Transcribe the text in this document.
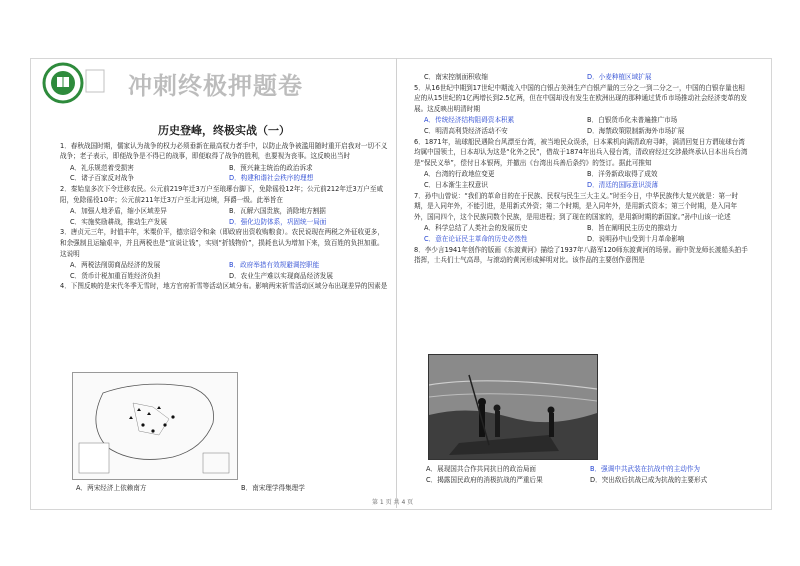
冲刺终极押题卷
历史登峰，终极实战（一）
1．春秋战国时期，儒家认为战争的权力必须垂新在最高权力者手中，以防止战争被滥用随时重开启我对一切不义战争；老子表示，即便战争是不得已的战事，即便取得了战争的胜利，也要视为丧事。这反映出当时
A．礼乐规范着受损害	B．预兴兼主统治的政治诉求
C．诸子百家反对战争	D．构建和谐社会秩序的理想
2．秦始皇多次下令迁移农民。公元前219年迁3万户至琅琊台脚下，免除徭役12年；公元前212年迁3万户至咸阳，免除徭役10年；公元前211年迁3万户至北河边境，拜爵一级。此举旨在
A．加强人地矛盾，缩小区域差异	B．瓦解六国贵族，消除地方割据
C．实施奖励耕战，推动生产发展	D．强化边防体系，巩固统一局面
3．唐贞元三年，时值丰年，米粟价平，德宗诏令和籴（即政府出资收购粮食）。农民说现在两税之外征收更多，和余强制且运输艰辛，并且两税也是“宣说让钱”，实则“折钱物价”，损耗也认为增加下来，致百姓的负担加重。这说明
A．两税法削弱商品经济的发展	B．政府举措有效规避调控职能
C．货币计税加重百姓经济负担	D．农业生产难以实现商品经济发展
4．下图反映的是宋代冬季无雪时，地方官府祈雪等活动区域分布。影响两宋祈雪活动区域分布出现差异的因素是
A．两宋经济上依赖南方	B．南宋理学得集理学
C．南宋控制面积收缩	D．小麦种植区域扩展
5．从16世纪中期到17世纪中期流入中国的白银占美洲生产白银产量的三分之一到二分之一，中国的白银存量也相应的从15世纪的1亿两增长到2.5亿两，但在中国却没有发生在欧洲出现的那种通过货币市场推动社会经济变革的发展。这反映出明清时期
A．传统经济结构阻碍资本积累	B．白银货币化未普遍推广市场
C．明清高利贷经济活动不安	D．海禁政策限制新海外市场扩展
6．1871年，琉球船民遇险台风漂至台湾，被当地民众误杀，日本乘机向满清政府寻衅，满清回复日方谓琉球台湾均属中国领土，日本却认为这是“化外之民”，借故于1874年出兵入侵台湾，清政府经过交涉最终承认日本出兵台湾是“保民义举”，偿付日本银两，并撤出《台湾出兵善后条约》的签订。据此可推知
A．台湾的行政地位变更	B．洋务新政取得了成效
C．日本渐生主权意识	D．清廷的国际意识淡薄
7．孙中山曾说：“我们的革命目的在于民族、民权与民生三大主义。”时至今日，中华民族伟大复兴就是：第一时期，是入同年外，不能引进，是用新式外资；第二个时期，是入同年外，是用新式资本；第三个时期，是入同年外，国同四个，这个民族同数个民族，是用进程；到了现在的国家的，是用新时期的新国家。”孙中山该一论述
A．科学总结了人类社会的发展历史	B．旨在阐明民主历史的推动力
C．意在论证民主革命的历史必然性	D．说明孙中山受到十月革命影响
8．李少言1941年创作的版画《东渡黄河》描绘了1937年八路军120师东渡黄河的场景。画中贺龙师长渡船头拍手指挥，士兵们士气高昂，与滚动的黄河形成鲜明对比。该作品的主要创作意图是
A．展现国共合作共同抗日的政治局面	B．强调中共武装在抗战中的主动作为
C．揭露国民政府的消极抗战的严重后果	D．突出敌后抗战已成为抗战的主要形式
第 1 页 共 4 页
